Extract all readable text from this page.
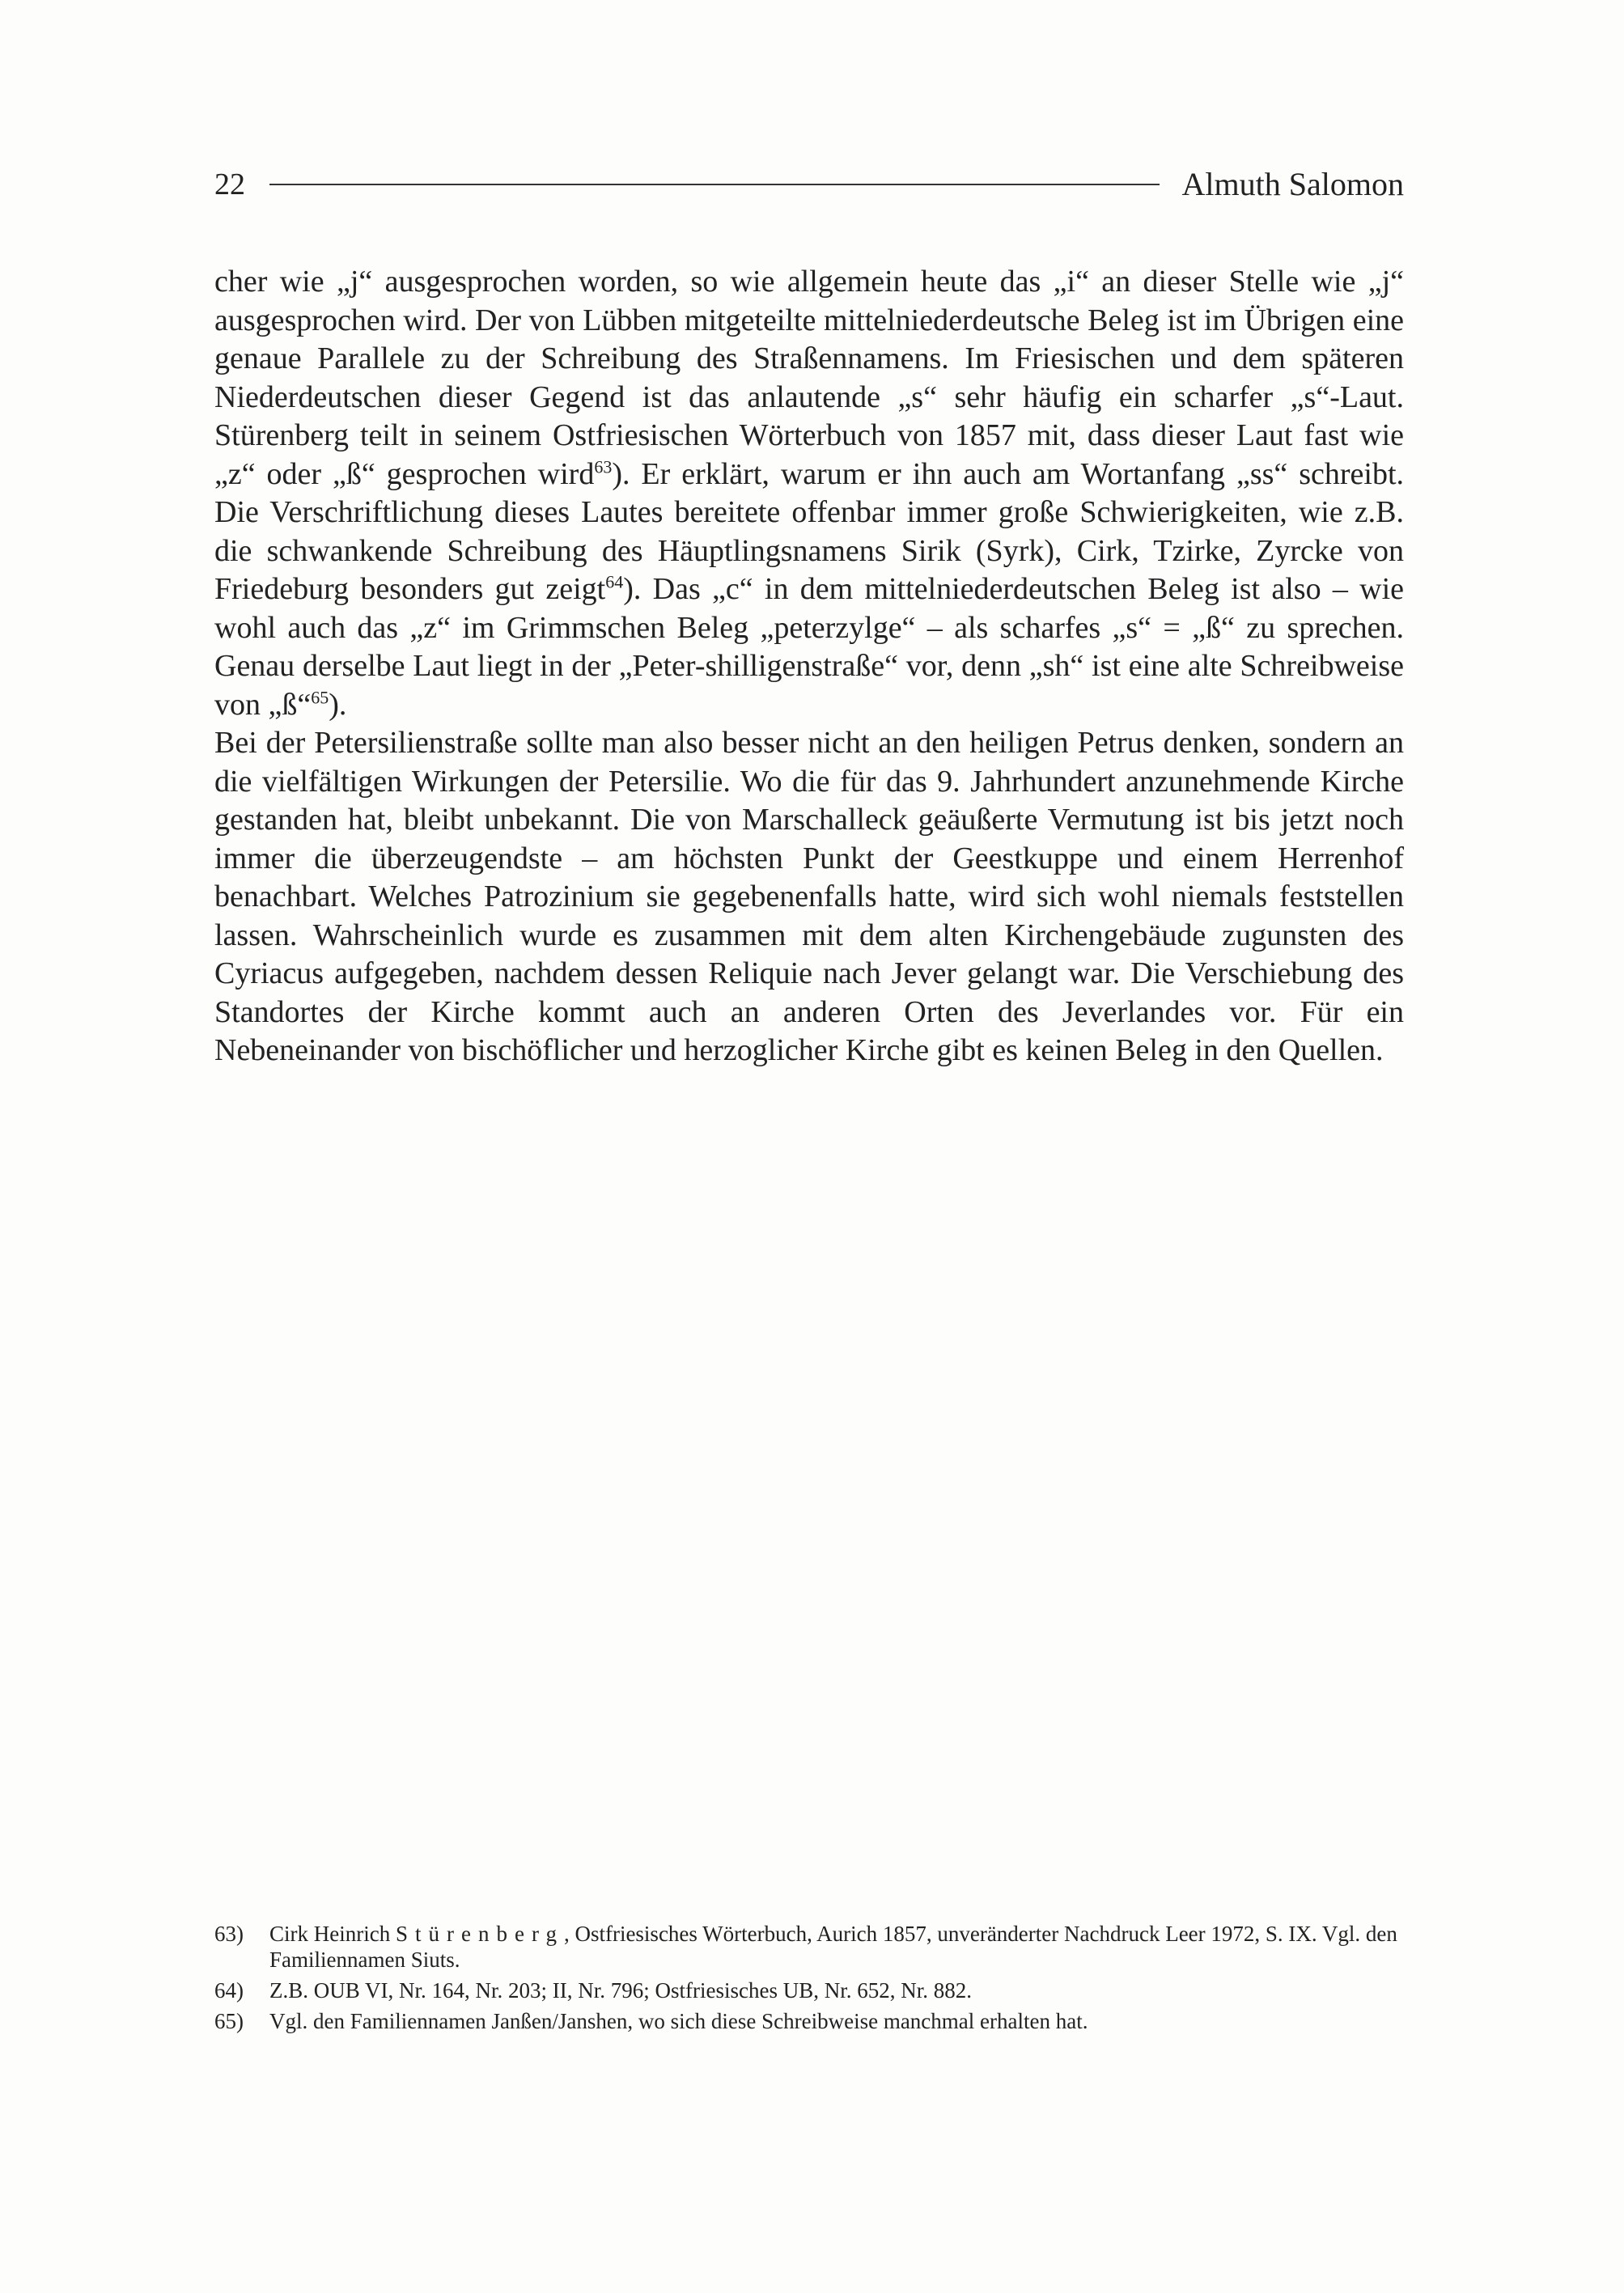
22	Almuth Salomon

cher wie „j“ ausgesprochen worden, so wie allgemein heute das „i“ an dieser Stelle wie „j“ ausgesprochen wird. Der von Lübben mitgeteilte mittelniederdeutsche Beleg ist im Übrigen eine genaue Parallele zu der Schreibung des Straßennamens. Im Friesischen und dem späteren Niederdeutschen dieser Gegend ist das anlautende „s“ sehr häufig ein scharfer „s“-Laut. Stürenberg teilt in seinem Ostfriesischen Wörterbuch von 1857 mit, dass dieser Laut fast wie „z“ oder „ß“ gesprochen wird$^{63}$). Er erklärt, warum er ihn auch am Wortanfang „ss“ schreibt. Die Verschriftlichung dieses Lautes bereitete offenbar immer große Schwierigkeiten, wie z.B. die schwankende Schreibung des Häuptlingsnamens Sirik (Syrk), Cirk, Tzirke, Zyrcke von Friedeburg besonders gut zeigt$^{64}$). Das „c“ in dem mittelniederdeutschen Beleg ist also – wie wohl auch das „z“ im Grimmschen Beleg „peterzylge“ – als scharfes „s“ = „ß“ zu sprechen. Genau derselbe Laut liegt in der „Peter-shilligenstraße“ vor, denn „sh“ ist eine alte Schreibweise von „ß“$^{65}$).

Bei der Petersilienstraße sollte man also besser nicht an den heiligen Petrus denken, sondern an die vielfältigen Wirkungen der Petersilie. Wo die für das 9. Jahrhundert anzunehmende Kirche gestanden hat, bleibt unbekannt. Die von Marschalleck geäußerte Vermutung ist bis jetzt noch immer die überzeugendste – am höchsten Punkt der Geestkuppe und einem Herrenhof benachbart. Welches Patrozinium sie gegebenenfalls hatte, wird sich wohl niemals feststellen lassen. Wahrscheinlich wurde es zusammen mit dem alten Kirchengebäude zugunsten des Cyriacus aufgegeben, nachdem dessen Reliquie nach Jever gelangt war. Die Verschiebung des Standortes der Kirche kommt auch an anderen Orten des Jeverlandes vor. Für ein Nebeneinander von bischöflicher und herzoglicher Kirche gibt es keinen Beleg in den Quellen.

63)	Cirk Heinrich Stürenberg, Ostfriesisches Wörterbuch, Aurich 1857, unveränderter Nachdruck Leer 1972, S. IX. Vgl. den Familiennamen Siuts.
64)	Z.B. OUB VI, Nr. 164, Nr. 203; II, Nr. 796; Ostfriesisches UB, Nr. 652, Nr. 882.
65)	Vgl. den Familiennamen Janßen/Janshen, wo sich diese Schreibweise manchmal erhalten hat.
